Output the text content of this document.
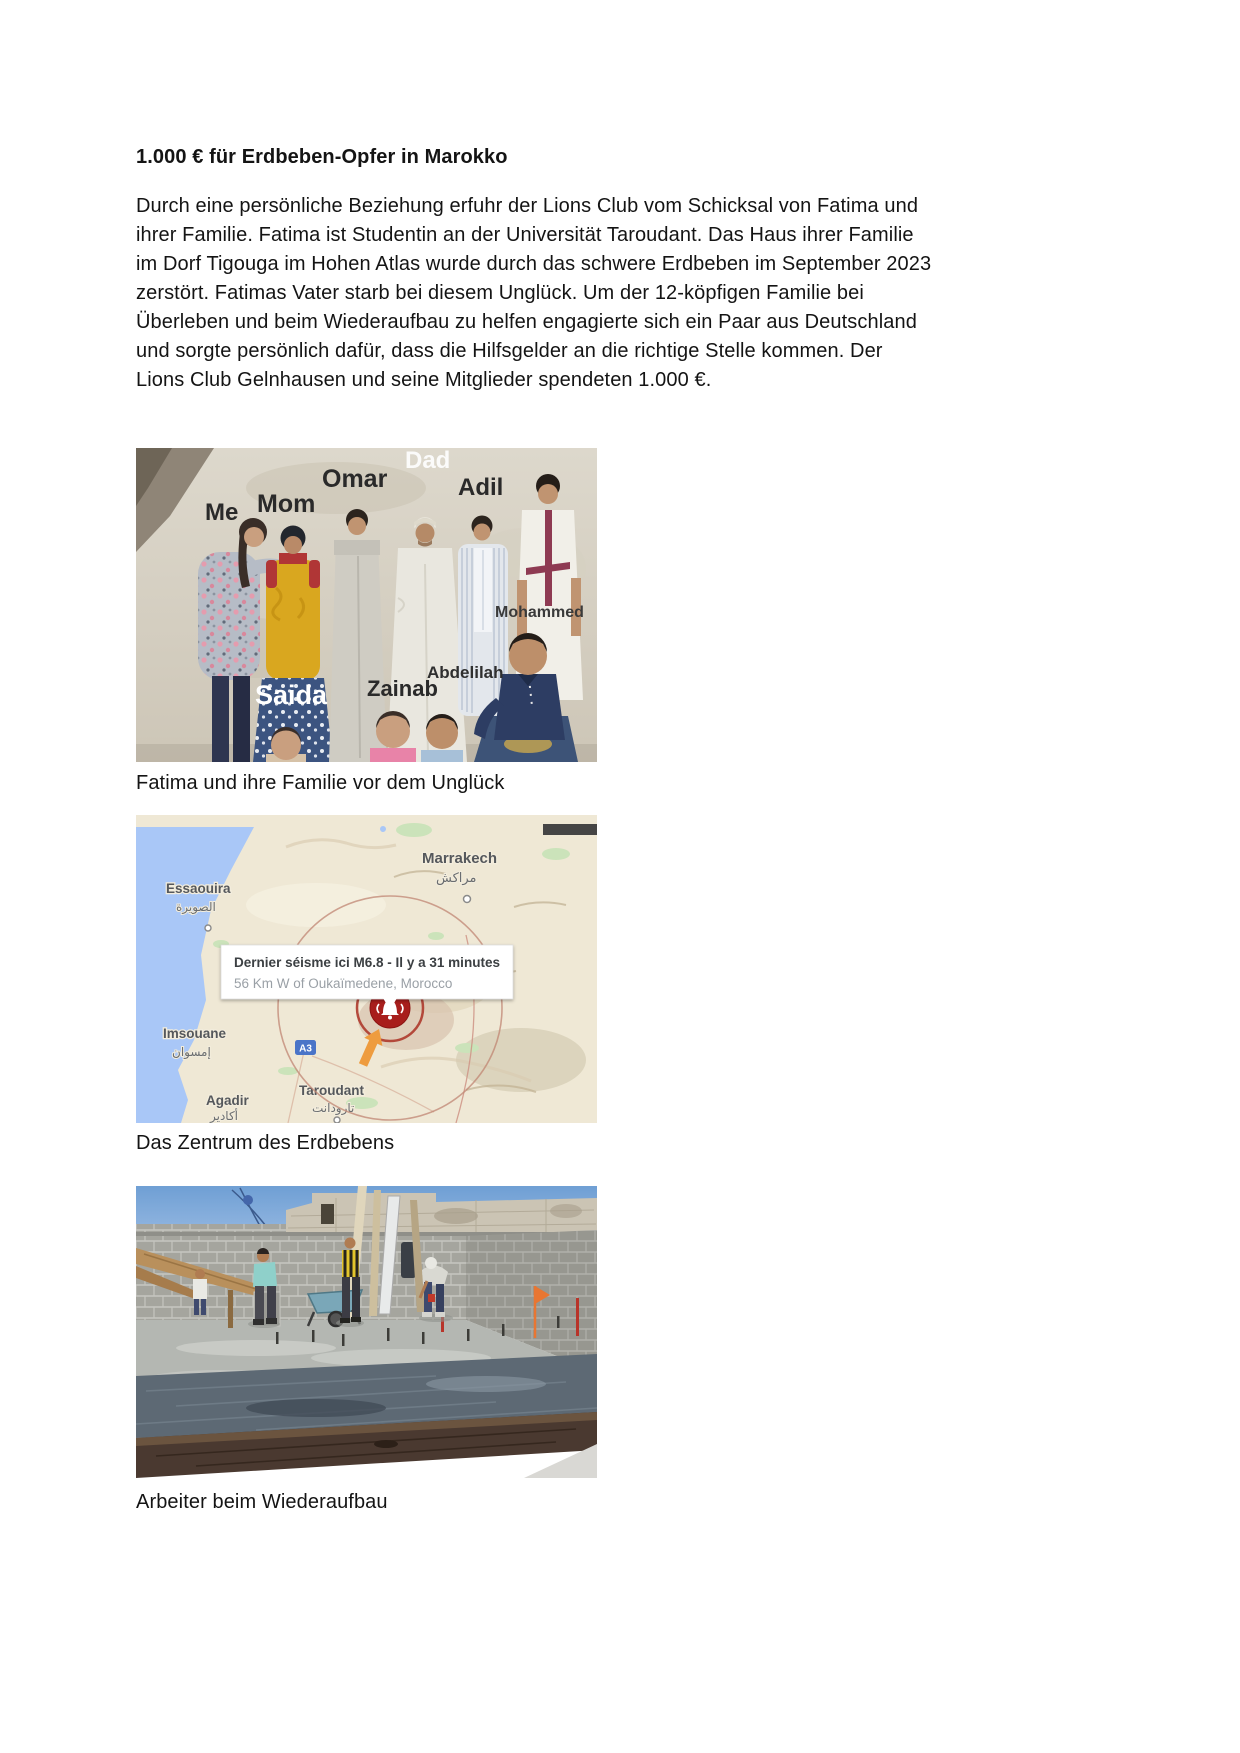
1.000 € für Erdbeben-Opfer in Marokko
Durch eine persönliche Beziehung erfuhr der Lions Club vom Schicksal von Fatima und
ihrer Familie. Fatima ist Studentin an der Universität Taroudant. Das Haus ihrer Familie
im Dorf Tigouga im Hohen Atlas wurde durch das schwere Erdbeben im September 2023
zerstört. Fatimas Vater starb bei diesem Unglück. Um der 12-köpfigen Familie bei
Überleben und beim Wiederaufbau zu helfen engagierte sich ein Paar aus Deutschland
und sorgte persönlich dafür, dass die Hilfsgelder an die richtige Stelle kommen. Der
Lions Club Gelnhausen und seine Mitglieder spendeten 1.000 €.
Dad
Omar	Adil
Me Mom
Mohammed
Abdelilah
Zainab
Saida
Fatima und ihre Familie vor dem Unglück
Marrakech
مراكش
Essaouira
الصويرة
Imsouane
إمسوان
Agadir
أكادير
Taroudant
تارودانت
Dernier séisme ici M6.8 - Il y a 31 minutes
56 Km W of Oukaïmedene, Morocco
A3
Das Zentrum des Erdbebens
Arbeiter beim Wiederaufbau
